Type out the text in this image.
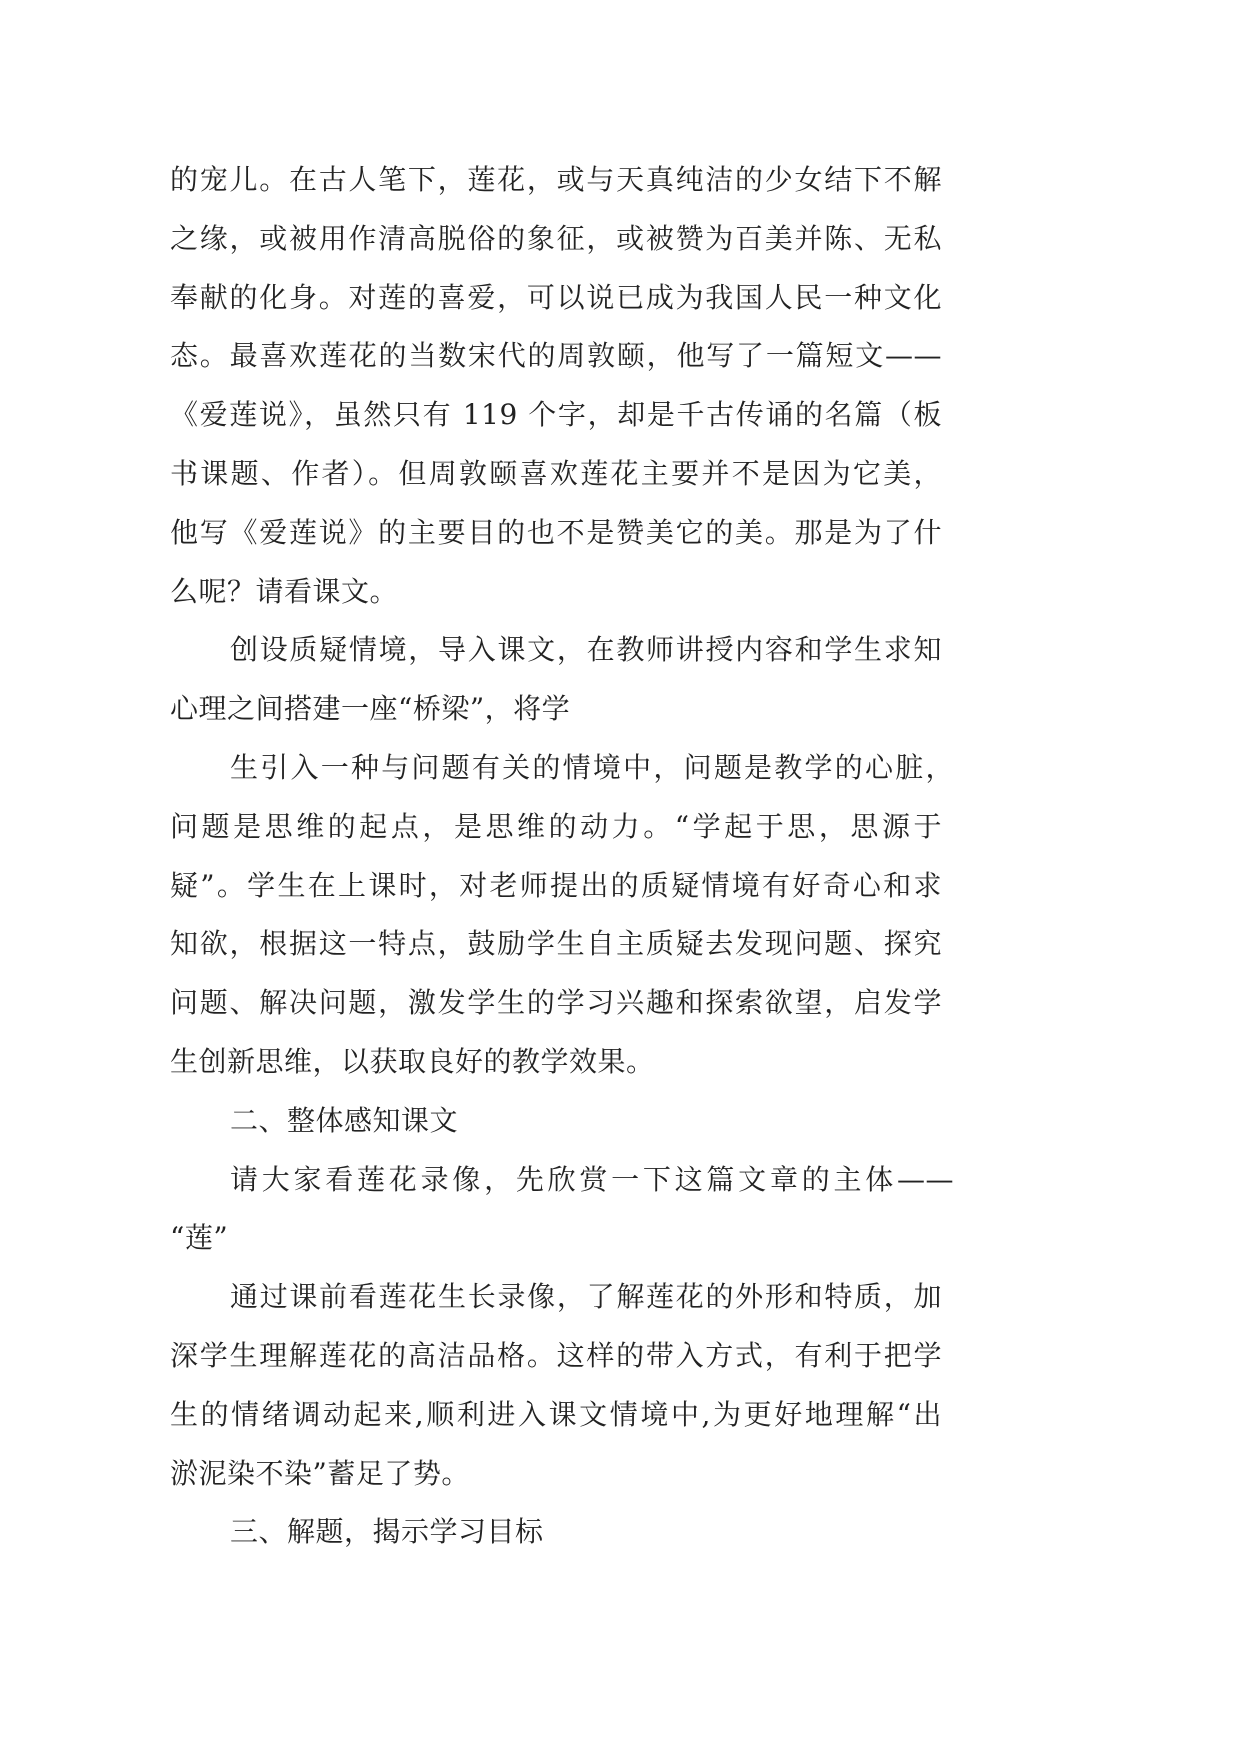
的宠儿。在古人笔下，莲花，或与天真纯洁的少女结下不解
之缘，或被用作清高脱俗的象征，或被赞为百美并陈、无私
奉献的化身。对莲的喜爱，可以说已成为我国人民一种文化
态。最喜欢莲花的当数宋代的周敦颐，他写了一篇短文——
《爱莲说》，虽然只有 119 个字，却是千古传诵的名篇（板
书课题、作者）。但周敦颐喜欢莲花主要并不是因为它美，
他写《爱莲说》的主要目的也不是赞美它的美。那是为了什
么呢？请看课文。
创设质疑情境，导入课文，在教师讲授内容和学生求知
心理之间搭建一座“桥梁”，将学
生引入一种与问题有关的情境中，问题是教学的心脏，
问题是思维的起点，是思维的动力。“学起于思，思源于
疑”。学生在上课时，对老师提出的质疑情境有好奇心和求
知欲，根据这一特点，鼓励学生自主质疑去发现问题、探究
问题、解决问题，激发学生的学习兴趣和探索欲望，启发学
生创新思维，以获取良好的教学效果。
二、整体感知课文
请大家看莲花录像，先欣赏一下这篇文章的主体——
“莲”
通过课前看莲花生长录像，了解莲花的外形和特质，加
深学生理解莲花的高洁品格。这样的带入方式，有利于把学
生的情绪调动起来,顺利进入课文情境中,为更好地理解“出
淤泥染不染”蓄足了势。
三、解题，揭示学习目标
